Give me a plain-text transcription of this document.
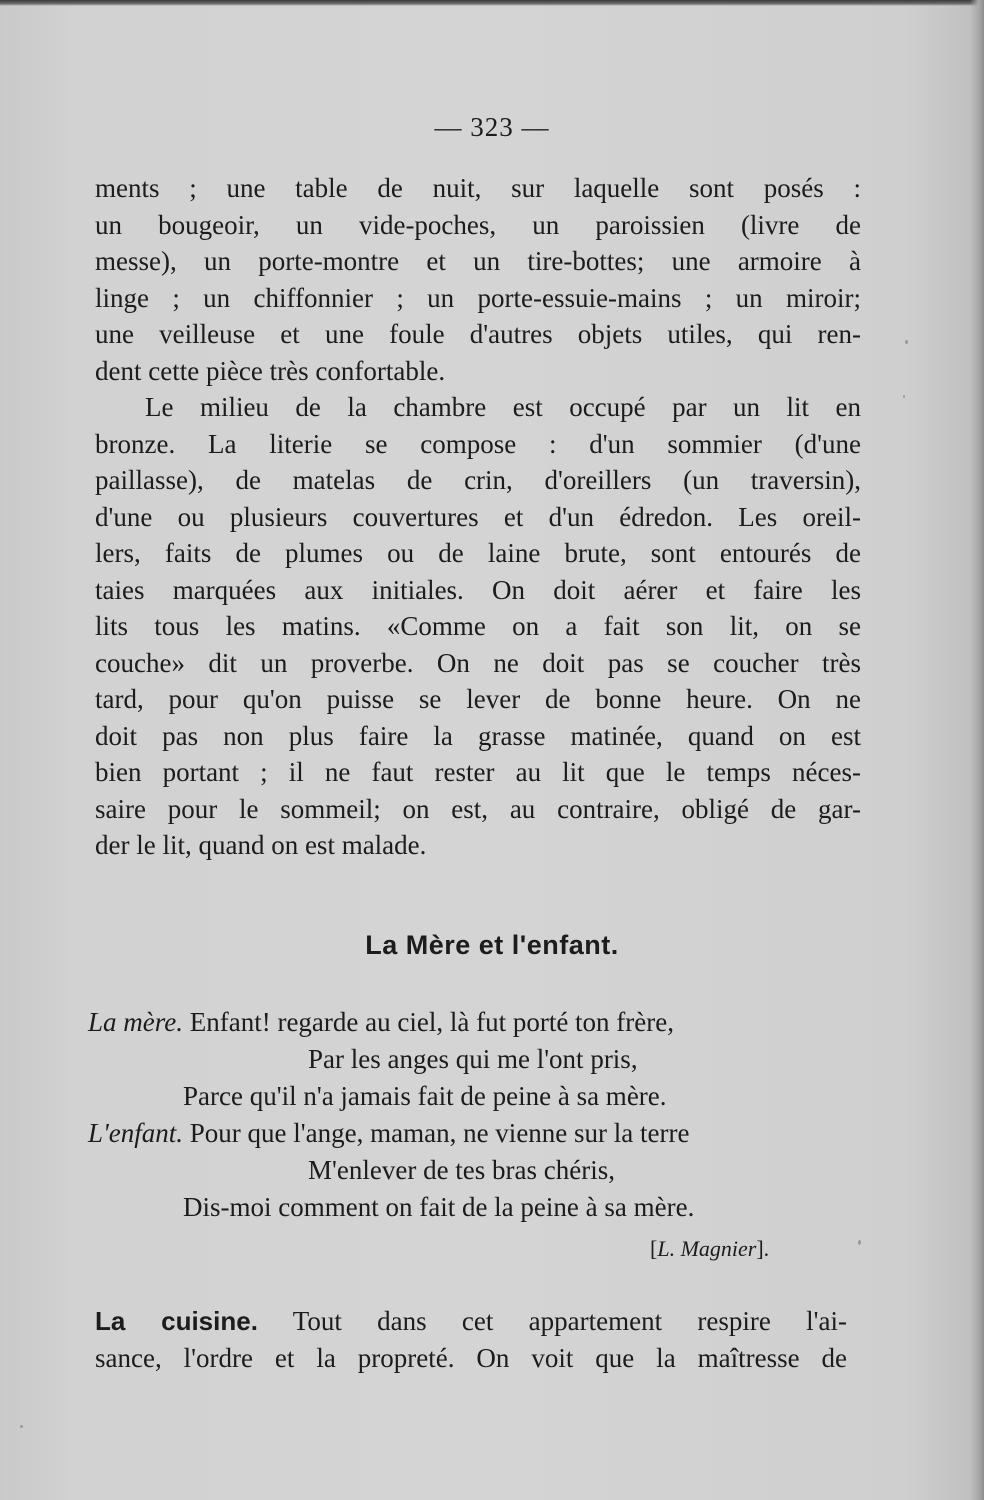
— 323 —
ments ; une table de nuit, sur laquelle sont posés :
un bougeoir, un vide-poches, un paroissien (livre de
messe), un porte-montre et un tire-bottes; une armoire à
linge ; un chiffonnier ; un porte-essuie-mains ; un miroir;
une veilleuse et une foule d'autres objets utiles, qui ren-
dent cette pièce très confortable.
Le milieu de la chambre est occupé par un lit en
bronze. La literie se compose : d'un sommier (d'une
paillasse), de matelas de crin, d'oreillers (un traversin),
d'une ou plusieurs couvertures et d'un édredon. Les oreil-
lers, faits de plumes ou de laine brute, sont entourés de
taies marquées aux initiales. On doit aérer et faire les
lits tous les matins. «Comme on a fait son lit, on se
couche» dit un proverbe. On ne doit pas se coucher très
tard, pour qu'on puisse se lever de bonne heure. On ne
doit pas non plus faire la grasse matinée, quand on est
bien portant ; il ne faut rester au lit que le temps néces-
saire pour le sommeil; on est, au contraire, obligé de gar-
der le lit, quand on est malade.
La Mère et l'enfant.
La mère. Enfant! regarde au ciel, là fut porté ton frère,
Par les anges qui me l'ont pris,
Parce qu'il n'a jamais fait de peine à sa mère.
L'enfant. Pour que l'ange, maman, ne vienne sur la terre
M'enlever de tes bras chéris,
Dis-moi comment on fait de la peine à sa mère.
[L. Magnier].
La cuisine. Tout dans cet appartement respire l'ai-
sance, l'ordre et la propreté. On voit que la maîtresse de
